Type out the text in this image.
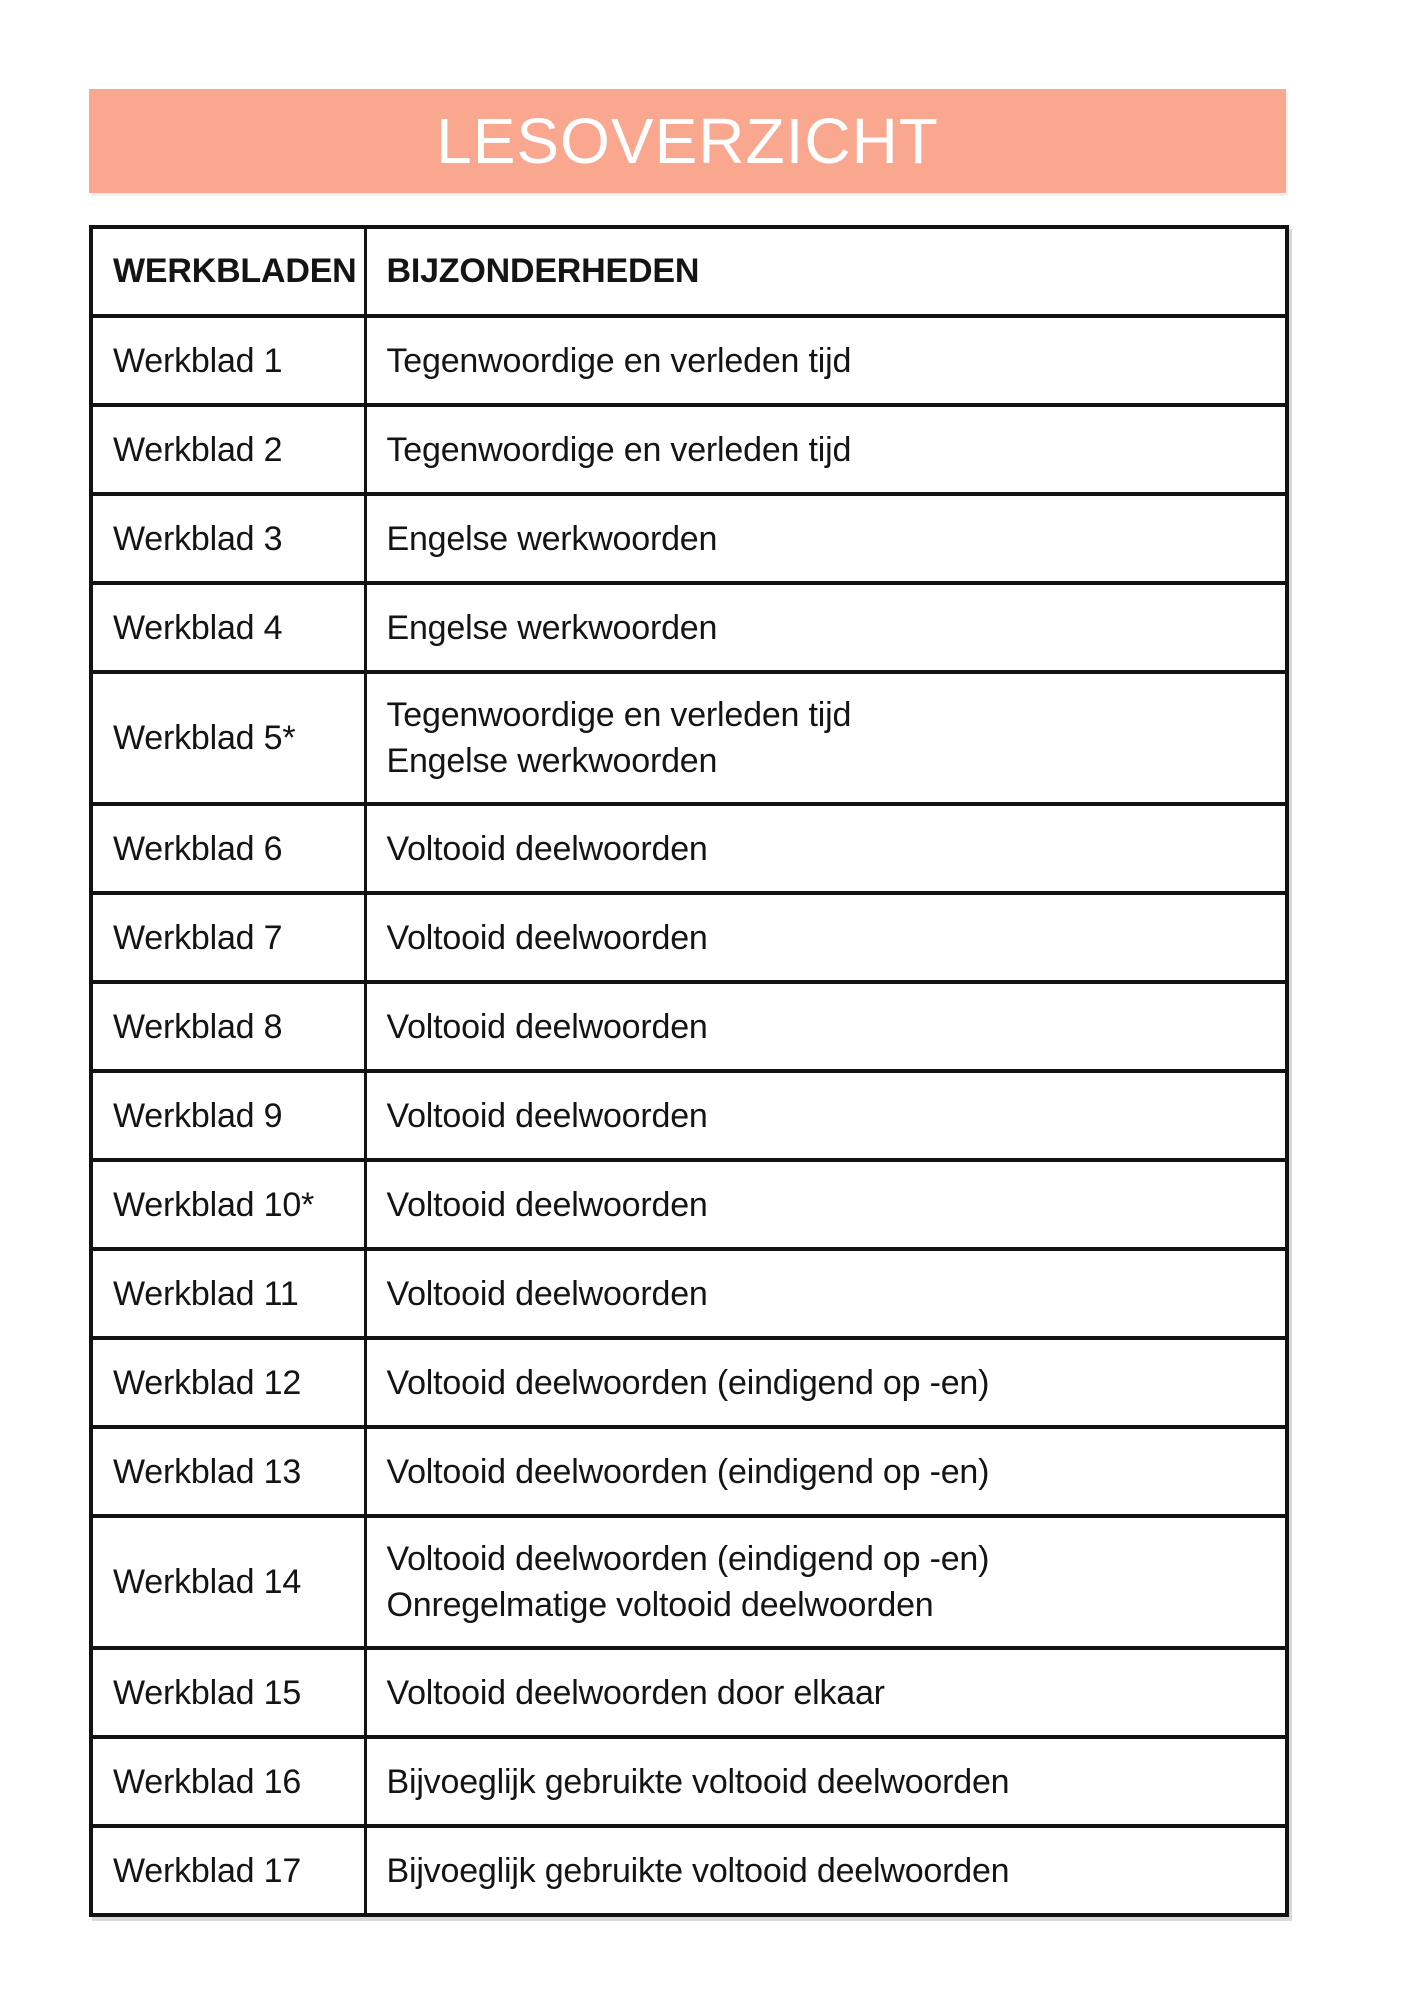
LESOVERZICHT
WERKBLADEN	BIJZONDERHEDEN
Werkblad 1	Tegenwoordige en verleden tijd

Werkblad 2	Tegenwoordige en verleden tijd

Werkblad 3	Engelse werkwoorden

Werkblad 4	Engelse werkwoorden

Werkblad 5*	Tegenwoordige en verleden tijd
Engelse werkwoorden

Werkblad 6	Voltooid deelwoorden

Werkblad 7	Voltooid deelwoorden

Werkblad 8	Voltooid deelwoorden

Werkblad 9	Voltooid deelwoorden

Werkblad 10*	Voltooid deelwoorden

Werkblad 11	Voltooid deelwoorden

Werkblad 12	Voltooid deelwoorden (eindigend op -en)

Werkblad 13	Voltooid deelwoorden (eindigend op -en)

Werkblad 14	Voltooid deelwoorden (eindigend op -en)
Onregelmatige voltooid deelwoorden

Werkblad 15	Voltooid deelwoorden door elkaar

Werkblad 16	Bijvoeglijk gebruikte voltooid deelwoorden

Werkblad 17	Bijvoeglijk gebruikte voltooid deelwoorden
